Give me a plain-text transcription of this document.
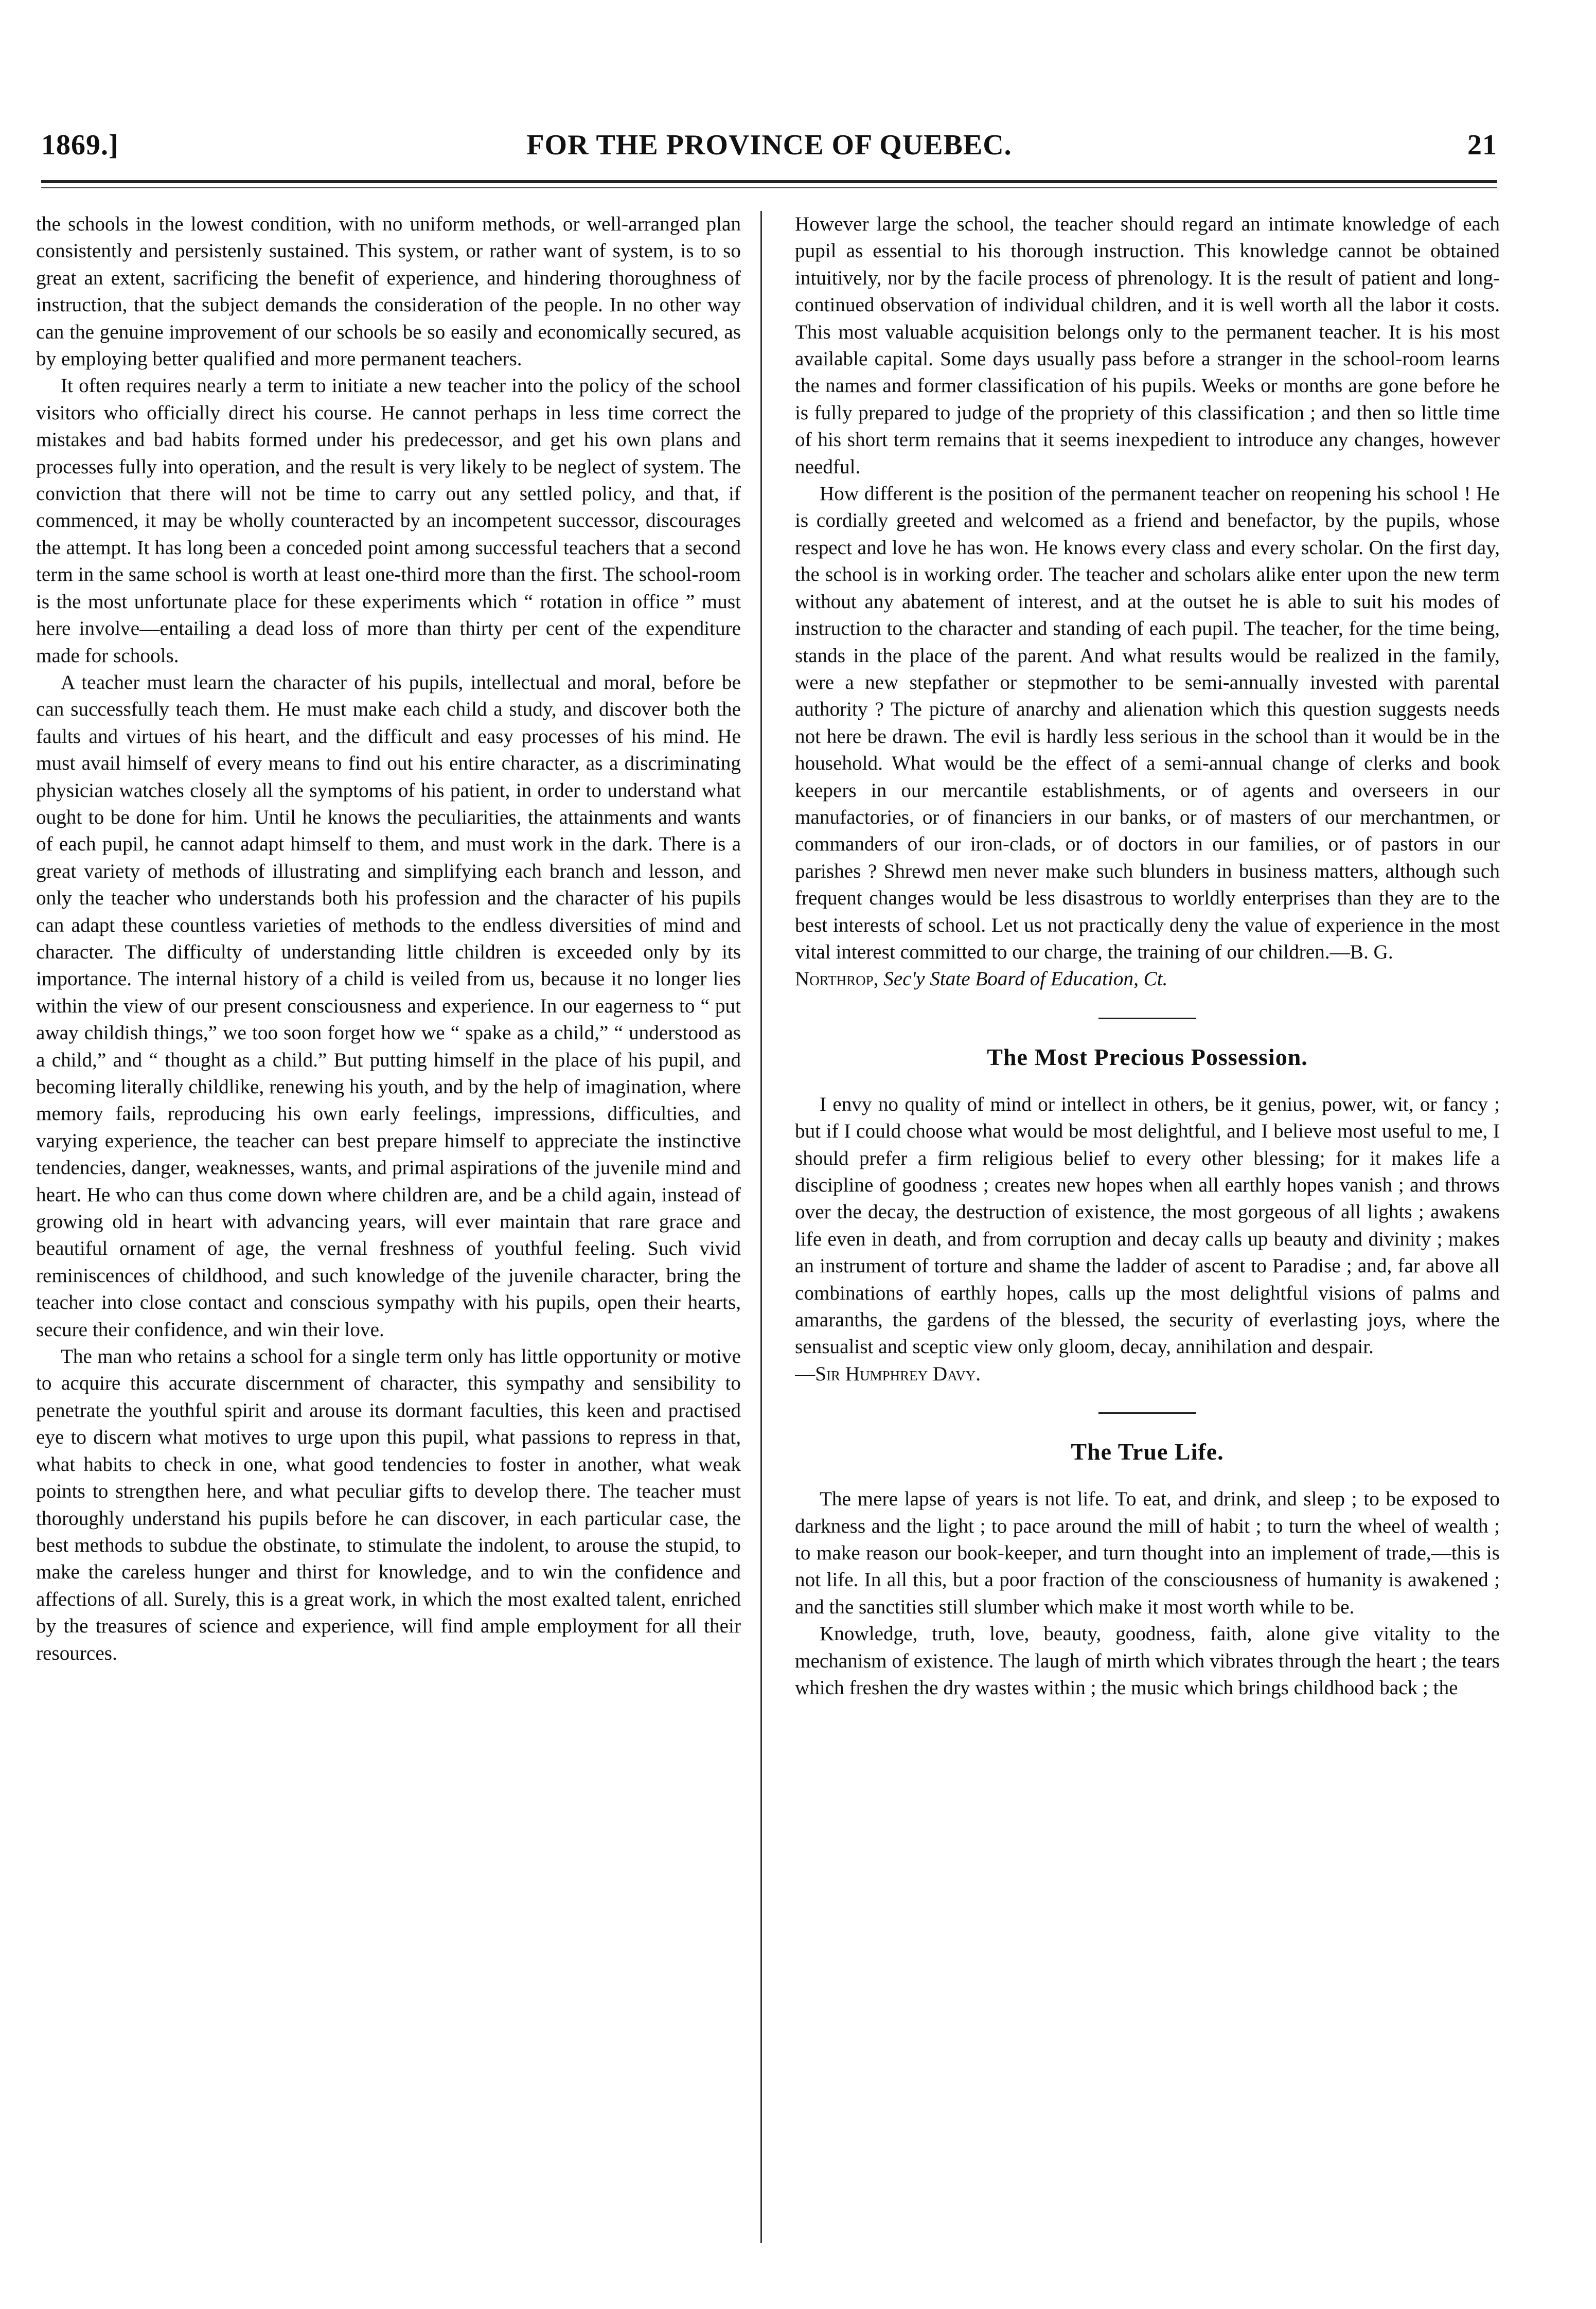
1869.]	FOR THE PROVINCE OF QUEBEC.	21

the schools in the lowest condition, with no uniform methods, or well-arranged plan consistently and persistenly sustained. This system, or rather want of system, is to so great an extent, sacrificing the benefit of experience, and hindering thoroughness of instruction, that the subject demands the consideration of the people. In no other way can the genuine improvement of our schools be so easily and economically secured, as by employing better qualified and more permanent teachers.

It often requires nearly a term to initiate a new teacher into the policy of the school visitors who officially direct his course. He cannot perhaps in less time correct the mistakes and bad habits formed under his predecessor, and get his own plans and processes fully into operation, and the result is very likely to be neglect of system. The conviction that there will not be time to carry out any settled policy, and that, if commenced, it may be wholly counteracted by an incompetent successor, discourages the attempt. It has long been a conceded point among successful teachers that a second term in the same school is worth at least one-third more than the first. The school-room is the most unfortunate place for these experiments which “ rotation in office ” must here involve—entailing a dead loss of more than thirty per cent of the expenditure made for schools.

A teacher must learn the character of his pupils, intellectual and moral, before be can successfully teach them. He must make each child a study, and discover both the faults and virtues of his heart, and the difficult and easy processes of his mind. He must avail himself of every means to find out his entire character, as a discriminating physician watches closely all the symptoms of his patient, in order to understand what ought to be done for him. Until he knows the peculiarities, the attainments and wants of each pupil, he cannot adapt himself to them, and must work in the dark. There is a great variety of methods of illustrating and simplifying each branch and lesson, and only the teacher who understands both his profession and the character of his pupils can adapt these countless varieties of methods to the endless diversities of mind and character. The difficulty of understanding little children is exceeded only by its importance. The internal history of a child is veiled from us, because it no longer lies within the view of our present consciousness and experience. In our eagerness to “ put away childish things,” we too soon forget how we “ spake as a child,” “ understood as a child,” and “ thought as a child.” But putting himself in the place of his pupil, and becoming literally childlike, renewing his youth, and by the help of imagination, where memory fails, reproducing his own early feelings, impressions, difficulties, and varying experience, the teacher can best prepare himself to appreciate the instinctive tendencies, danger, weaknesses, wants, and primal aspirations of the juvenile mind and heart. He who can thus come down where children are, and be a child again, instead of growing old in heart with advancing years, will ever maintain that rare grace and beautiful ornament of age, the vernal freshness of youthful feeling. Such vivid reminiscences of childhood, and such knowledge of the juvenile character, bring the teacher into close contact and conscious sympathy with his pupils, open their hearts, secure their confidence, and win their love.

The man who retains a school for a single term only has little opportunity or motive to acquire this accurate discernment of character, this sympathy and sensibility to penetrate the youthful spirit and arouse its dormant faculties, this keen and practised eye to discern what motives to urge upon this pupil, what passions to repress in that, what habits to check in one, what good tendencies to foster in another, what weak points to strengthen here, and what peculiar gifts to develop there. The teacher must thoroughly understand his pupils before he can discover, in each particular case, the best methods to subdue the obstinate, to stimulate the indolent, to arouse the stupid, to make the careless hunger and thirst for knowledge, and to win the confidence and affections of all. Surely, this is a great work, in which the most exalted talent, enriched by the treasures of science and experience, will find ample employment for all their resources.

However large the school, the teacher should regard an intimate knowledge of each pupil as essential to his thorough instruction. This knowledge cannot be obtained intuitively, nor by the facile process of phrenology. It is the result of patient and long-continued observation of individual children, and it is well worth all the labor it costs. This most valuable acquisition belongs only to the permanent teacher. It is his most available capital. Some days usually pass before a stranger in the school-room learns the names and former classification of his pupils. Weeks or months are gone before he is fully prepared to judge of the propriety of this classification ; and then so little time of his short term remains that it seems inexpedient to introduce any changes, however needful.

How different is the position of the permanent teacher on reopening his school ! He is cordially greeted and welcomed as a friend and benefactor, by the pupils, whose respect and love he has won. He knows every class and every scholar. On the first day, the school is in working order. The teacher and scholars alike enter upon the new term without any abatement of interest, and at the outset he is able to suit his modes of instruction to the character and standing of each pupil. The teacher, for the time being, stands in the place of the parent. And what results would be realized in the family, were a new stepfather or stepmother to be semi-annually invested with parental authority ? The picture of anarchy and alienation which this question suggests needs not here be drawn. The evil is hardly less serious in the school than it would be in the household. What would be the effect of a semi-annual change of clerks and book keepers in our mercantile establishments, or of agents and overseers in our manufactories, or of financiers in our banks, or of masters of our merchantmen, or commanders of our iron-clads, or of doctors in our families, or of pastors in our parishes ? Shrewd men never make such blunders in business matters, although such frequent changes would be less disastrous to worldly enterprises than they are to the best interests of school. Let us not practically deny the value of experience in the most vital interest committed to our charge, the training of our children.—B. G.

Northrop, Sec'y State Board of Education, Ct.

The Most Precious Possession.

I envy no quality of mind or intellect in others, be it genius, power, wit, or fancy ; but if I could choose what would be most delightful, and I believe most useful to me, I should prefer a firm religious belief to every other blessing; for it makes life a discipline of goodness ; creates new hopes when all earthly hopes vanish ; and throws over the decay, the destruction of existence, the most gorgeous of all lights ; awakens life even in death, and from corruption and decay calls up beauty and divinity ; makes an instrument of torture and shame the ladder of ascent to Paradise ; and, far above all combinations of earthly hopes, calls up the most delightful visions of palms and amaranths, the gardens of the blessed, the security of everlasting joys, where the sensualist and sceptic view only gloom, decay, annihilation and despair.

—Sir Humphrey Davy.

The True Life.

The mere lapse of years is not life. To eat, and drink, and sleep ; to be exposed to darkness and the light ; to pace around the mill of habit ; to turn the wheel of wealth ; to make reason our book-keeper, and turn thought into an implement of trade,—this is not life. In all this, but a poor fraction of the consciousness of humanity is awakened ; and the sanctities still slumber which make it most worth while to be.

Knowledge, truth, love, beauty, goodness, faith, alone give vitality to the mechanism of existence. The laugh of mirth which vibrates through the heart ; the tears which freshen the dry wastes within ; the music which brings childhood back ; the
